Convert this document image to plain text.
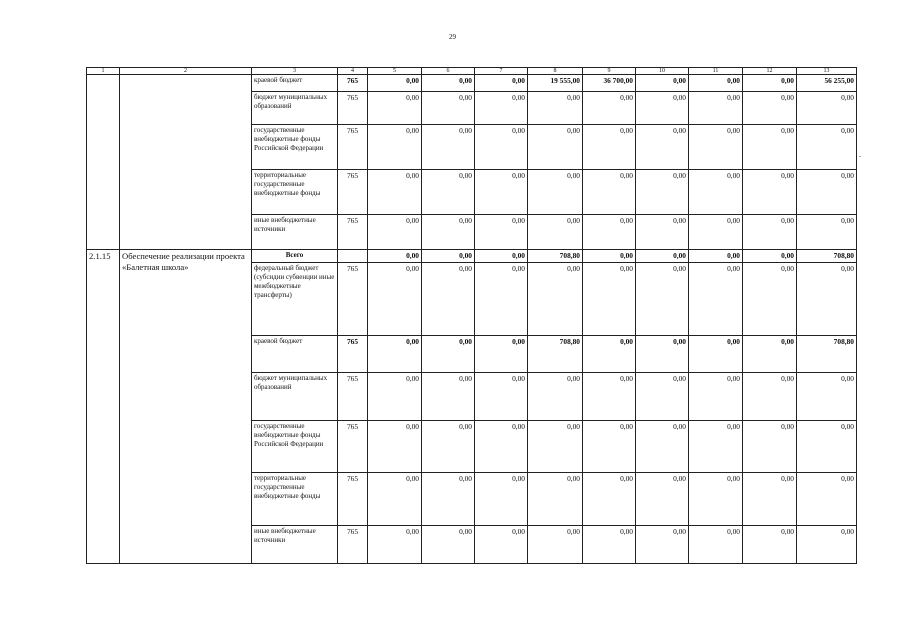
29
1	2	3	4	5	6	7	8	9	10	11	12	13
		краевой бюджет	765	0,00	0,00	0,00	19 555,00	36 700,00	0,00	0,00	0,00	56 255,00
		бюджет муниципальных образований	765	0,00	0,00	0,00	0,00	0,00	0,00	0,00	0,00	0,00
		государственные внебюджетные фонды Российской Федерации	765	0,00	0,00	0,00	0,00	0,00	0,00	0,00	0,00	0,00
		территориальные государственные внебюджетные фонды	765	0,00	0,00	0,00	0,00	0,00	0,00	0,00	0,00	0,00
		иные внебюджетные источники	765	0,00	0,00	0,00	0,00	0,00	0,00	0,00	0,00	0,00
2.1.15	Обеспечение реализации проекта «Балетная школа»	Всего		0,00	0,00	0,00	708,80	0,00	0,00	0,00	0,00	708,80
		федеральный бюджет (субсидии субвенции иные межбюджетные трансферты)	765	0,00	0,00	0,00	0,00	0,00	0,00	0,00	0,00	0,00
		краевой бюджет	765	0,00	0,00	0,00	708,80	0,00	0,00	0,00	0,00	708,80
		бюджет муниципальных образований	765	0,00	0,00	0,00	0,00	0,00	0,00	0,00	0,00	0,00
		государственные внебюджетные фонды Российской Федерации	765	0,00	0,00	0,00	0,00	0,00	0,00	0,00	0,00	0,00
		территориальные государственные внебюджетные фонды	765	0,00	0,00	0,00	0,00	0,00	0,00	0,00	0,00	0,00
		иные внебюджетные источники	765	0,00	0,00	0,00	0,00	0,00	0,00	0,00	0,00	0,00
.
